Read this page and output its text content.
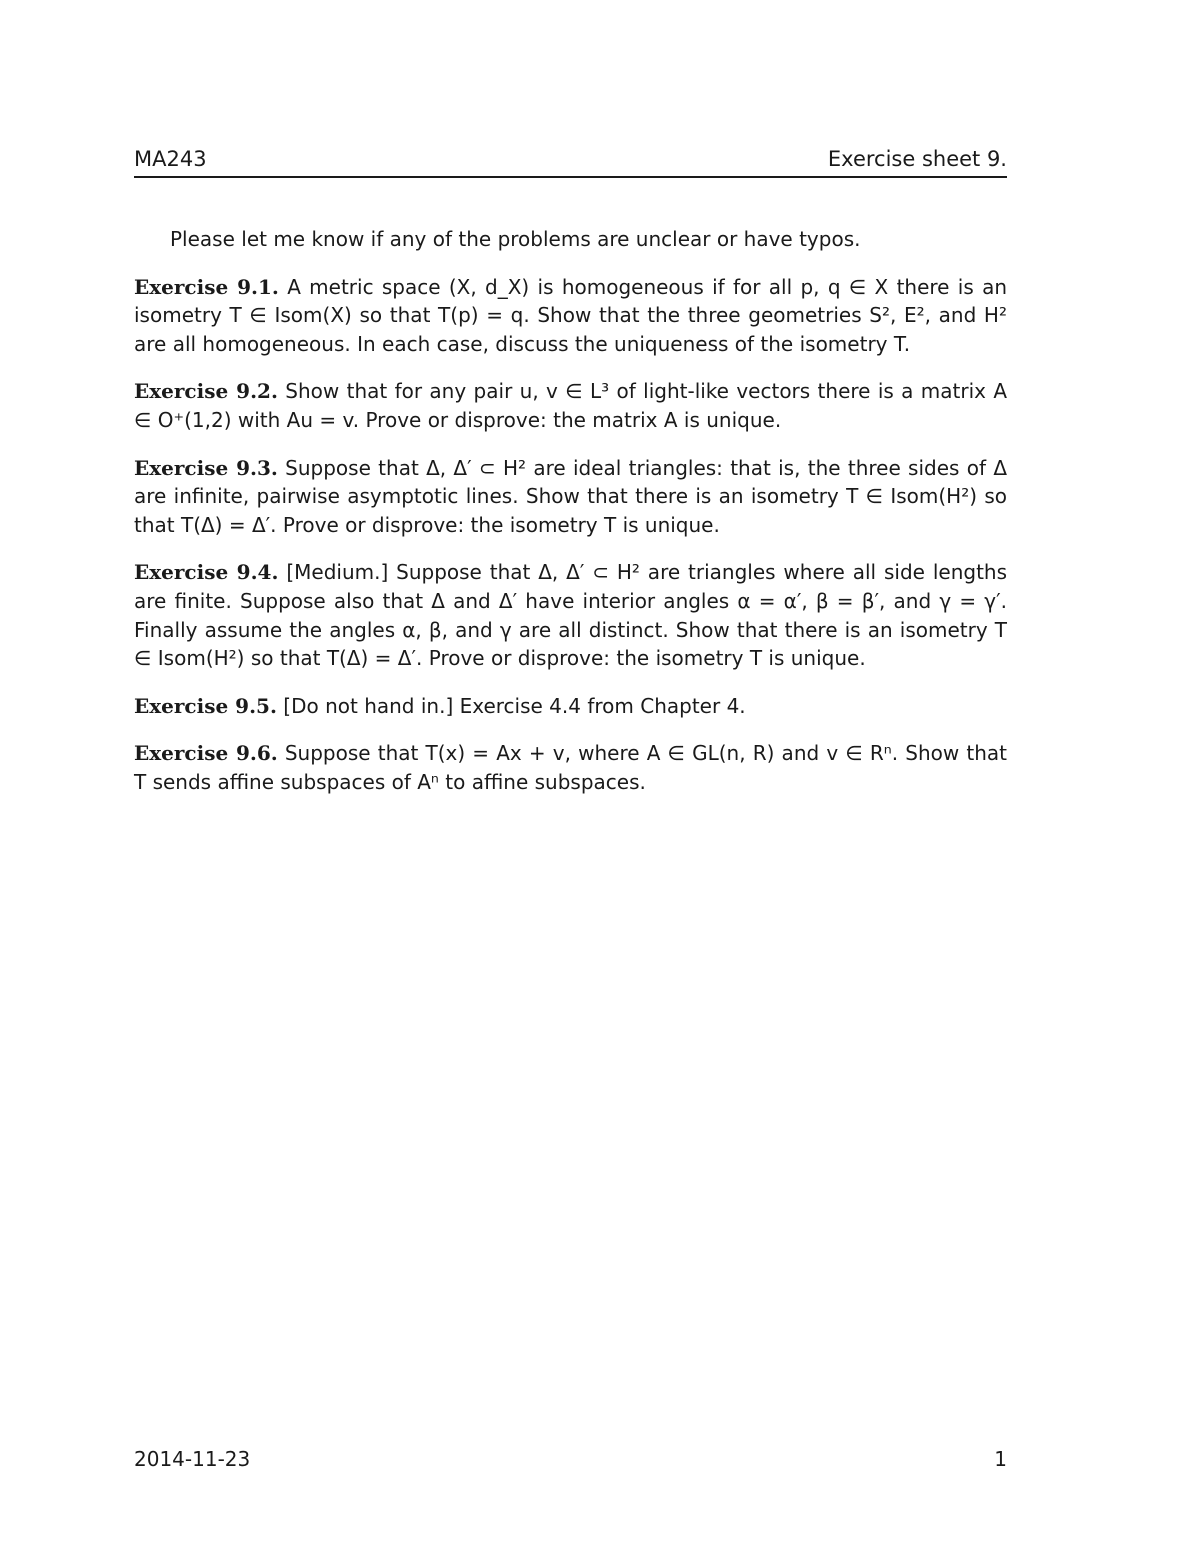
MA243	Exercise sheet 9.

Please let me know if any of the problems are unclear or have typos.

Exercise 9.1. A metric space (X, d_X) is homogeneous if for all p, q ∈ X there is an isometry T ∈ Isom(X) so that T(p) = q. Show that the three geometries S², E², and H² are all homogeneous. In each case, discuss the uniqueness of the isometry T.

Exercise 9.2. Show that for any pair u, v ∈ L³ of light-like vectors there is a matrix A ∈ O⁺(1,2) with Au = v. Prove or disprove: the matrix A is unique.

Exercise 9.3. Suppose that Δ, Δ′ ⊂ H² are ideal triangles: that is, the three sides of Δ are infinite, pairwise asymptotic lines. Show that there is an isometry T ∈ Isom(H²) so that T(Δ) = Δ′. Prove or disprove: the isometry T is unique.

Exercise 9.4. [Medium.] Suppose that Δ, Δ′ ⊂ H² are triangles where all side lengths are finite. Suppose also that Δ and Δ′ have interior angles α = α′, β = β′, and γ = γ′. Finally assume the angles α, β, and γ are all distinct. Show that there is an isometry T ∈ Isom(H²) so that T(Δ) = Δ′. Prove or disprove: the isometry T is unique.

Exercise 9.5. [Do not hand in.] Exercise 4.4 from Chapter 4.

Exercise 9.6. Suppose that T(x) = Ax + v, where A ∈ GL(n, R) and v ∈ Rⁿ. Show that T sends affine subspaces of Aⁿ to affine subspaces.

2014-11-23	1
